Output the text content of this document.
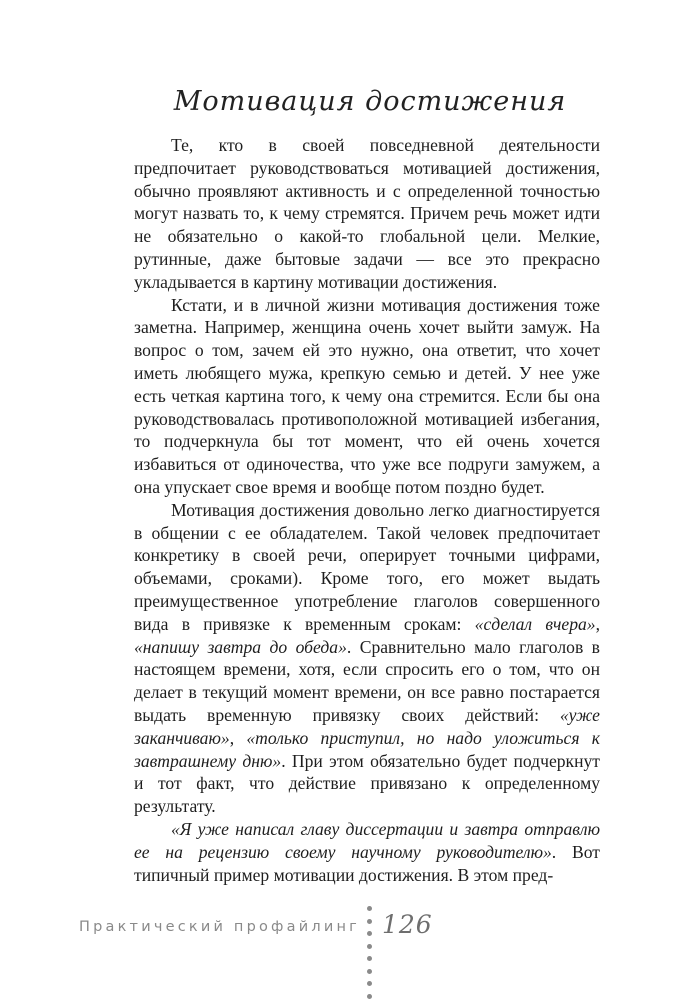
Мотивация достижения

Те, кто в своей повседневной деятельности предпочитает руководствоваться мотивацией достижения, обычно проявляют активность и с определенной точностью могут назвать то, к чему стремятся. Причем речь может идти не обязательно о какой-то глобальной цели. Мелкие, рутинные, даже бытовые задачи — все это прекрасно укладывается в картину мотивации достижения.

Кстати, и в личной жизни мотивация достижения тоже заметна. Например, женщина очень хочет выйти замуж. На вопрос о том, зачем ей это нужно, она ответит, что хочет иметь любящего мужа, крепкую семью и детей. У нее уже есть четкая картина того, к чему она стремится. Если бы она руководствовалась противоположной мотивацией избегания, то подчеркнула бы тот момент, что ей очень хочется избавиться от одиночества, что уже все подруги замужем, а она упускает свое время и вообще потом поздно будет.

Мотивация достижения довольно легко диагностируется в общении с ее обладателем. Такой человек предпочитает конкретику в своей речи, оперирует точными цифрами, объемами, сроками). Кроме того, его может выдать преимущественное употребление глаголов совершенного вида в привязке к временным срокам: «сделал вчера», «напишу завтра до обеда». Сравнительно мало глаголов в настоящем времени, хотя, если спросить его о том, что он делает в текущий момент времени, он все равно постарается выдать временную привязку своих действий: «уже заканчиваю», «только приступил, но надо уложиться к завтрашнему дню». При этом обязательно будет подчеркнут и тот факт, что действие привязано к определенному результату.

«Я уже написал главу диссертации и завтра отправлю ее на рецензию своему научному руководителю». Вот типичный пример мотивации достижения. В этом пред-

Практический профайлинг 126
